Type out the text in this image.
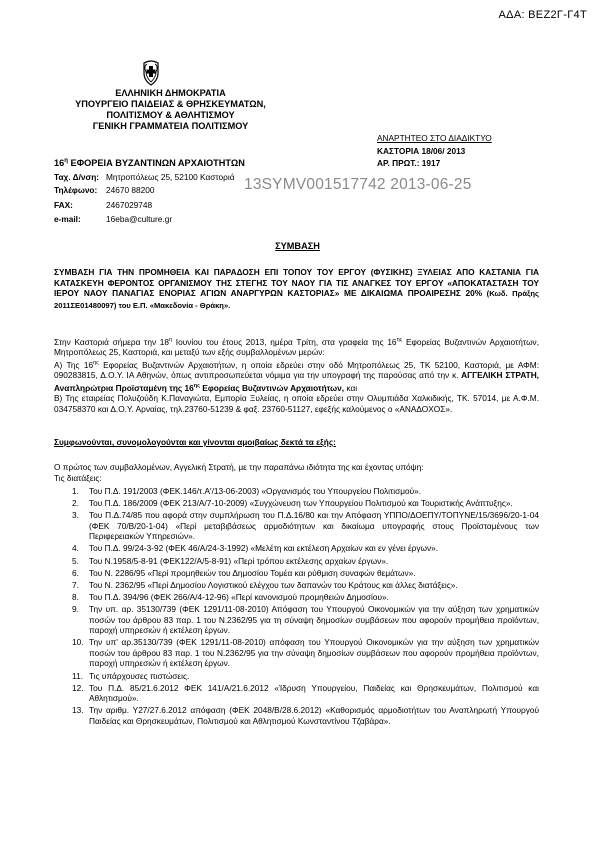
ΑΔΑ: ΒΕΖ2Γ-Γ4Τ
ΕΛΛΗΝΙΚΗ ΔΗΜΟΚΡΑΤΙΑ
ΥΠΟΥΡΓΕΙΟ ΠΑΙΔΕΙΑΣ & ΘΡΗΣΚΕΥΜΑΤΩΝ,
ΠΟΛΙΤΙΣΜΟΥ & ΑΘΛΗΤΙΣΜΟΥ
ΓΕΝΙΚΗ ΓΡΑΜΜΑΤΕΙΑ ΠΟΛΙΤΙΣΜΟΥ
ΑΝΑΡΤΗΤΕΟ ΣΤΟ ΔΙΑΔΙΚΤΥΟ
ΚΑΣΤΟΡΙΑ 18/06/ 2013
ΑΡ. ΠΡΩΤ.: 1917
$16^\eta$ ΕΦΟΡΕΙΑ ΒΥΖΑΝΤΙΝΩΝ ΑΡΧΑΙΟΤΗΤΩΝ
Ταχ. Δ/νση: Μητροπόλεως 25, 52100 Καστοριά
Τηλέφωνο: 24670 88200
FAX:	2467029748
e-mail:	16eba@culture.gr
13SYMV001517742 2013-06-25
ΣΥΜΒΑΣΗ
ΣΥΜΒΑΣΗ ΓΙΑ ΤΗΝ ΠΡΟΜΗΘΕΙΑ ΚΑΙ ΠΑΡΑΔΟΣΗ ΕΠΙ ΤΟΠΟΥ ΤΟΥ ΕΡΓΟΥ (ΦΥΣΙΚΗΣ) ΞΥΛΕΙΑΣ ΑΠΟ ΚΑΣΤΑΝΙΑ ΓΙΑ ΚΑΤΑΣΚΕΥΗ ΦΕΡΟΝΤΟΣ ΟΡΓΑΝΙΣΜΟΥ ΤΗΣ ΣΤΕΓΗΣ ΤΟΥ ΝΑΟΥ ΓΙΑ ΤΙΣ ΑΝΑΓΚΕΣ ΤΟΥ ΕΡΓΟΥ «ΑΠΟΚΑΤΑΣΤΑΣΗ ΤΟΥ ΙΕΡΟΥ ΝΑΟΥ ΠΑΝΑΓΙΑΣ ΕΝΟΡΙΑΣ ΑΓΙΩΝ ΑΝΑΡΓΥΡΩΝ ΚΑΣΤΟΡΙΑΣ» ΜΕ ΔΙΚΑΙΩΜΑ ΠΡΟΑΙΡΕΣΗΣ 20% (Κωδ. Πράξης 2011ΣΕ01480097) του Ε.Π. «Μακεδονία - Θράκη».

Στην Καστοριά σήμερα την $18^\eta$ Ιουνίου του έτους 2013, ημέρα Τρίτη, στα γραφεία της $16^{\eta\varsigma}$ Εφορείας Βυζαντινών Αρχαιοτήτων, Μητροπόλεως 25, Καστοριά, και μεταξύ των εξής συμβαλλομένων μερών:

Α) Της $16^{\eta\varsigma}$ Εφορείας Βυζαντινών Αρχαιοτήτων, η οποία εδρεύει στην οδό Μητροπόλεως 25, ΤΚ 52100, Καστοριά, με ΑΦΜ: 090283815, Δ.Ο.Υ. ΙΑ Αθηνών, όπως αντιπροσωπεύεται νόμιμα για την υπογραφή της παρούσας από την κ. ΑΓΓΕΛΙΚΗ ΣΤΡΑΤΗ, Αναπληρώτρια Προϊσταμένη της $16^{\eta\varsigma}$ Εφορείας Βυζαντινών Αρχαιοτήτων, και

Β) Της εταιρείας Πολυζούδη Κ.Παναγιώτα, Εμπορία Ξυλείας, η οποία εδρεύει στην Ολυμπιάδα Χαλκιδικής, ΤΚ. 57014, με Α.Φ.Μ. 034758370 και Δ.Ο.Υ. Αρναίας, τηλ.23760-51239 & φαξ. 23760-51127, εφεξής καλούμενος ο «ΑΝΑΔΟΧΟΣ».

Συμφωνούνται, συνομολογούνται και γίνονται αμοιβαίως δεκτά τα εξής:
Ο πρώτος των συμβαλλομένων, Αγγελική Στρατή, με την παραπάνω ιδιότητα της και έχοντας υπόψη:
Τις διατάξεις:
1. Του Π.Δ. 191/2003 (ΦΕΚ.146/τ.Α'/13-06-2003) «Οργανισμός του Υπουργείου Πολιτισμού».
2. Του Π.Δ. 186/2009 (ΦΕΚ 213/Α/7-10-2009) «Συγχώνευση των Υπουργείου Πολιτισμού και Τουριστικής Ανάπτυξης».
3. Του Π.Δ.74/85 που αφορά στην συμπλήρωση του Π.Δ.16/80 και την Απόφαση ΥΠΠΟ/ΔΟΕΠΥ/ΤΟΠΥΝΕ/15/3696/20-1-04 (ΦΕΚ 70/Β/20-1-04) «Περί μεταβιβάσεως αρμοδιότητων και δικαίωμα υπογραφής στους Προϊσταμένους των Περιφερειακών Υπηρεσιών».
4. Του Π.Δ. 99/24-3-92 (ΦΕΚ 46/Α/24-3-1992) «Μελέτη και εκτέλεση Αρχαίων και εν γένει έργων».
5. Του Ν.1958/5-8-91 (ΦΕΚ122/Α/5-8-91) «Περί τρόπου εκτέλεσης αρχαίων έργων».
6. Του Ν. 2286/95 «Περί προμηθειών του Δημοσίου Τομέα και ρύθμιση συναφών θεμάτων».
7. Του Ν. 2362/95 «Περί Δημοσίου Λογιστικού ελέγχου των δαπανών του Κράτους και άλλες διατάξεις».
8. Του Π.Δ. 394/96 (ΦΕΚ 266/Α/4-12-96) «Περί κανονισμού προμηθειών Δημοσίου».
9. Την υπ. αρ. 35130/739 (ΦΕΚ 1291/11-08-2010) Απόφαση του Υπουργού Οικονομικών για την αύξηση των χρηματικών ποσών του άρθρου 83 παρ. 1 του Ν.2362/95 για τη σύναψη δημοσίων συμβάσεων που αφορούν προμήθεια προϊόντων, παροχή υπηρεσιών ή εκτέλεση έργων.
10. Την υπ' αρ.35130/739 (ΦΕΚ 1291/11-08-2010) απόφαση του Υπουργού Οικονομικών για την αύξηση των χρηματικών ποσών του άρθρου 83 παρ. 1 του Ν.2362/95 για την σύναψη δημοσίων συμβάσεων που αφορούν προμήθεια προϊόντων, παροχή υπηρεσιών ή εκτέλεση έργων.
11. Τις υπάρχουσες πιστώσεις.
12. Του Π.Δ. 85/21.6.2012 ΦΕΚ 141/Α/21.6.2012 «Ίδρυση Υπουργείου, Παιδείας και Θρησκευμάτων, Πολιτισμού και Αθλητισμού».
13. Την αριθμ. Υ27/27.6.2012 απόφαση (ΦΕΚ 2048/Β/28.6.2012) «Καθορισμός αρμοδιοτήτων του Αναπληρωτή Υπουργού Παιδείας και Θρησκευμάτων, Πολιτισμού και Αθλητισμού Κωνσταντίνου Τζαβάρα».
